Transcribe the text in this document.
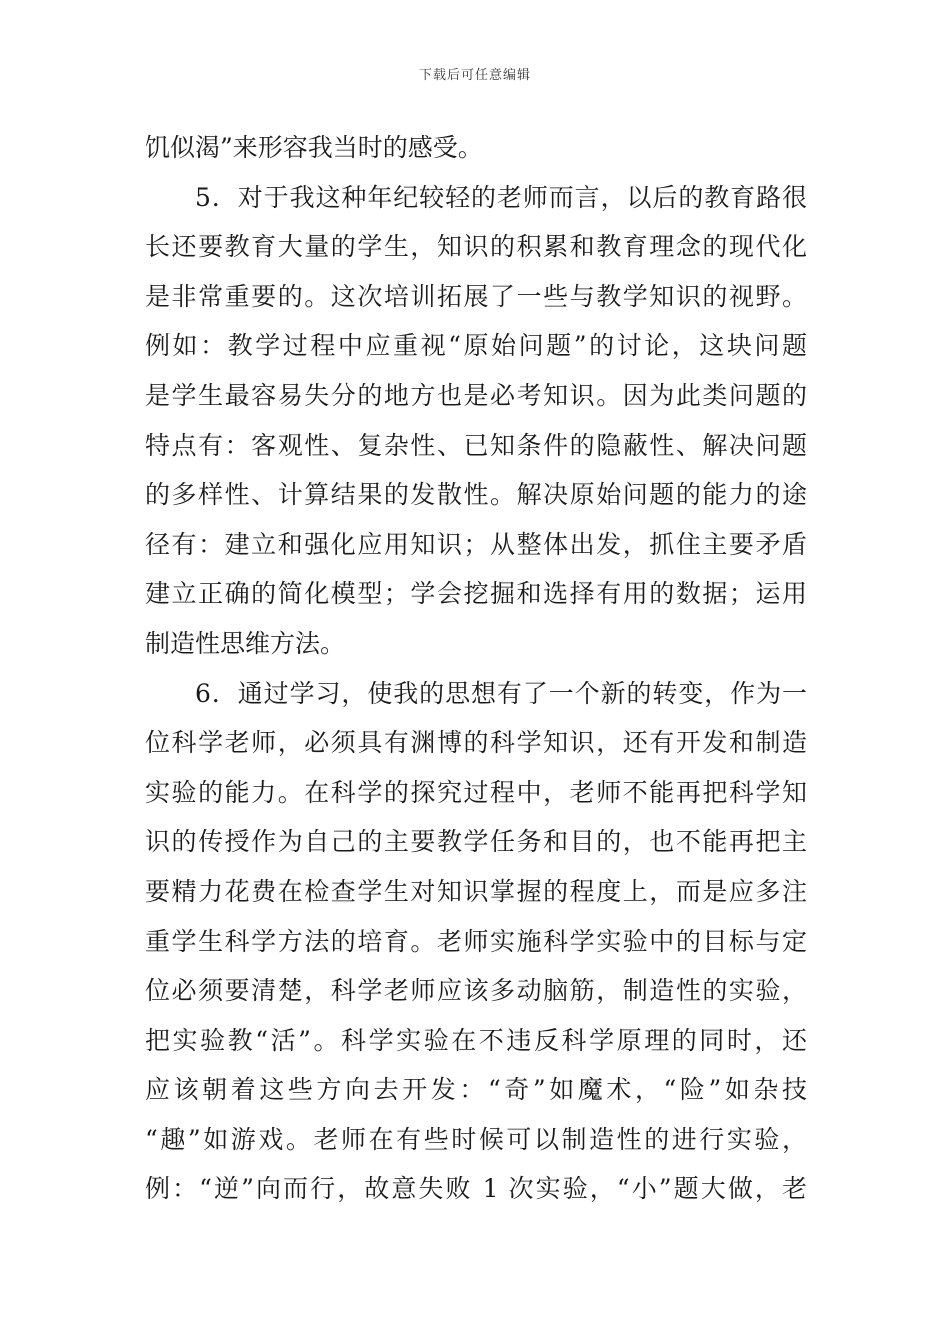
下载后可任意编辑
饥似渴”来形容我当时的感受。
5．对于我这种年纪较轻的老师而言，以后的教育路很
长还要教育大量的学生，知识的积累和教育理念的现代化
是非常重要的。这次培训拓展了一些与教学知识的视野。
例如：教学过程中应重视“原始问题”的讨论，这块问题
是学生最容易失分的地方也是必考知识。因为此类问题的
特点有：客观性、复杂性、已知条件的隐蔽性、解决问题
的多样性、计算结果的发散性。解决原始问题的能力的途
径有：建立和强化应用知识；从整体出发，抓住主要矛盾
建立正确的简化模型；学会挖掘和选择有用的数据；运用
制造性思维方法。
6．通过学习，使我的思想有了一个新的转变，作为一
位科学老师，必须具有渊博的科学知识，还有开发和制造
实验的能力。在科学的探究过程中，老师不能再把科学知
识的传授作为自己的主要教学任务和目的，也不能再把主
要精力花费在检查学生对知识掌握的程度上，而是应多注
重学生科学方法的培育。老师实施科学实验中的目标与定
位必须要清楚，科学老师应该多动脑筋，制造性的实验，
把实验教“活”。科学实验在不违反科学原理的同时，还
应该朝着这些方向去开发：“奇”如魔术，“险”如杂技
“趣”如游戏。老师在有些时候可以制造性的进行实验，
例：“逆”向而行，故意失败 1 次实验，“小”题大做，老
